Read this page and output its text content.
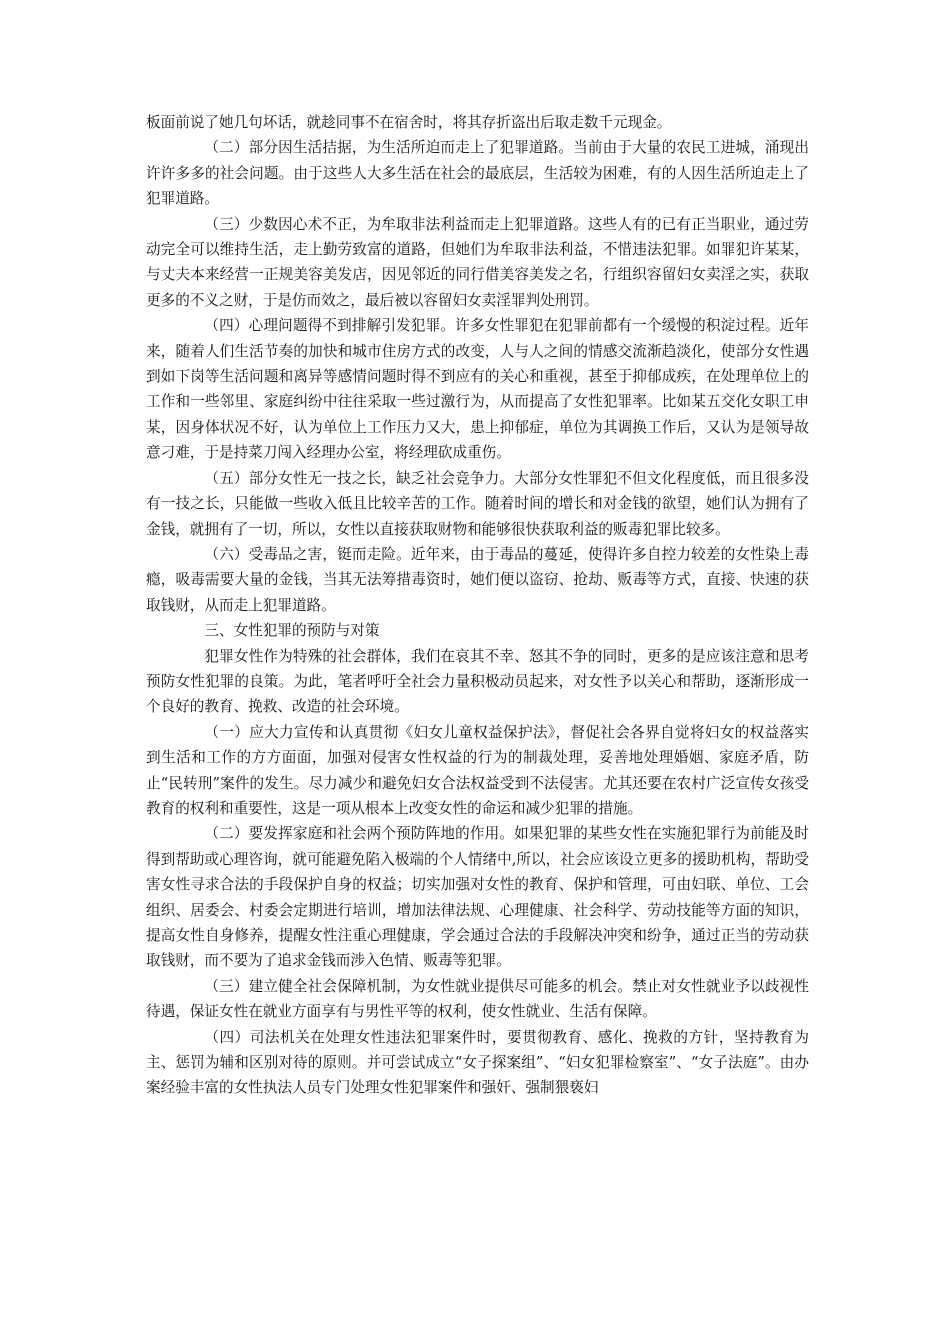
板面前说了她几句坏话，就趁同事不在宿舍时，将其存折盗出后取走数千元现金。

（二）部分因生活拮据，为生活所迫而走上了犯罪道路。当前由于大量的农民工进城，涌现出许许多多的社会问题。由于这些人大多生活在社会的最底层，生活较为困难，有的人因生活所迫走上了犯罪道路。

（三）少数因心术不正，为牟取非法利益而走上犯罪道路。这些人有的已有正当职业，通过劳动完全可以维持生活，走上勤劳致富的道路，但她们为牟取非法利益，不惜违法犯罪。如罪犯许某某，与丈夫本来经营一正规美容美发店，因见邻近的同行借美容美发之名，行组织容留妇女卖淫之实，获取更多的不义之财，于是仿而效之，最后被以容留妇女卖淫罪判处刑罚。

（四）心理问题得不到排解引发犯罪。许多女性罪犯在犯罪前都有一个缓慢的积淀过程。近年来，随着人们生活节奏的加快和城市住房方式的改变，人与人之间的情感交流渐趋淡化，使部分女性遇到如下岗等生活问题和离异等感情问题时得不到应有的关心和重视，甚至于抑郁成疾，在处理单位上的工作和一些邻里、家庭纠纷中往往采取一些过激行为，从而提高了女性犯罪率。比如某五交化女职工申某，因身体状况不好，认为单位上工作压力又大，患上抑郁症，单位为其调换工作后，又认为是领导故意刁难，于是持菜刀闯入经理办公室，将经理砍成重伤。

（五）部分女性无一技之长，缺乏社会竞争力。大部分女性罪犯不但文化程度低，而且很多没有一技之长，只能做一些收入低且比较辛苦的工作。随着时间的增长和对金钱的欲望，她们认为拥有了金钱，就拥有了一切，所以，女性以直接获取财物和能够很快获取利益的贩毒犯罪比较多。

（六）受毒品之害，铤而走险。近年来，由于毒品的蔓延，使得许多自控力较差的女性染上毒瘾，吸毒需要大量的金钱，当其无法筹措毒资时，她们便以盗窃、抢劫、贩毒等方式，直接、快速的获取钱财，从而走上犯罪道路。

三、女性犯罪的预防与对策

犯罪女性作为特殊的社会群体，我们在哀其不幸、怒其不争的同时，更多的是应该注意和思考预防女性犯罪的良策。为此，笔者呼吁全社会力量积极动员起来，对女性予以关心和帮助，逐渐形成一个良好的教育、挽救、改造的社会环境。

（一）应大力宣传和认真贯彻《妇女儿童权益保护法》，督促社会各界自觉将妇女的权益落实到生活和工作的方方面面，加强对侵害女性权益的行为的制裁处理，妥善地处理婚姻、家庭矛盾，防止“民转刑”案件的发生。尽力减少和避免妇女合法权益受到不法侵害。尤其还要在农村广泛宣传女孩受教育的权利和重要性，这是一项从根本上改变女性的命运和减少犯罪的措施。

（二）要发挥家庭和社会两个预防阵地的作用。如果犯罪的某些女性在实施犯罪行为前能及时得到帮助或心理咨询，就可能避免陷入极端的个人情绪中,所以，社会应该设立更多的援助机构，帮助受害女性寻求合法的手段保护自身的权益；切实加强对女性的教育、保护和管理，可由妇联、单位、工会组织、居委会、村委会定期进行培训，增加法律法规、心理健康、社会科学、劳动技能等方面的知识，提高女性自身修养，提醒女性注重心理健康，学会通过合法的手段解决冲突和纷争，通过正当的劳动获取钱财，而不要为了追求金钱而涉入色情、贩毒等犯罪。

（三）建立健全社会保障机制，为女性就业提供尽可能多的机会。禁止对女性就业予以歧视性待遇，保证女性在就业方面享有与男性平等的权利，使女性就业、生活有保障。

（四）司法机关在处理女性违法犯罪案件时，要贯彻教育、感化、挽救的方针，坚持教育为主、惩罚为辅和区别对待的原则。并可尝试成立“女子探案组”、“妇女犯罪检察室”、“女子法庭”。由办案经验丰富的女性执法人员专门处理女性犯罪案件和强奸、强制猥亵妇
